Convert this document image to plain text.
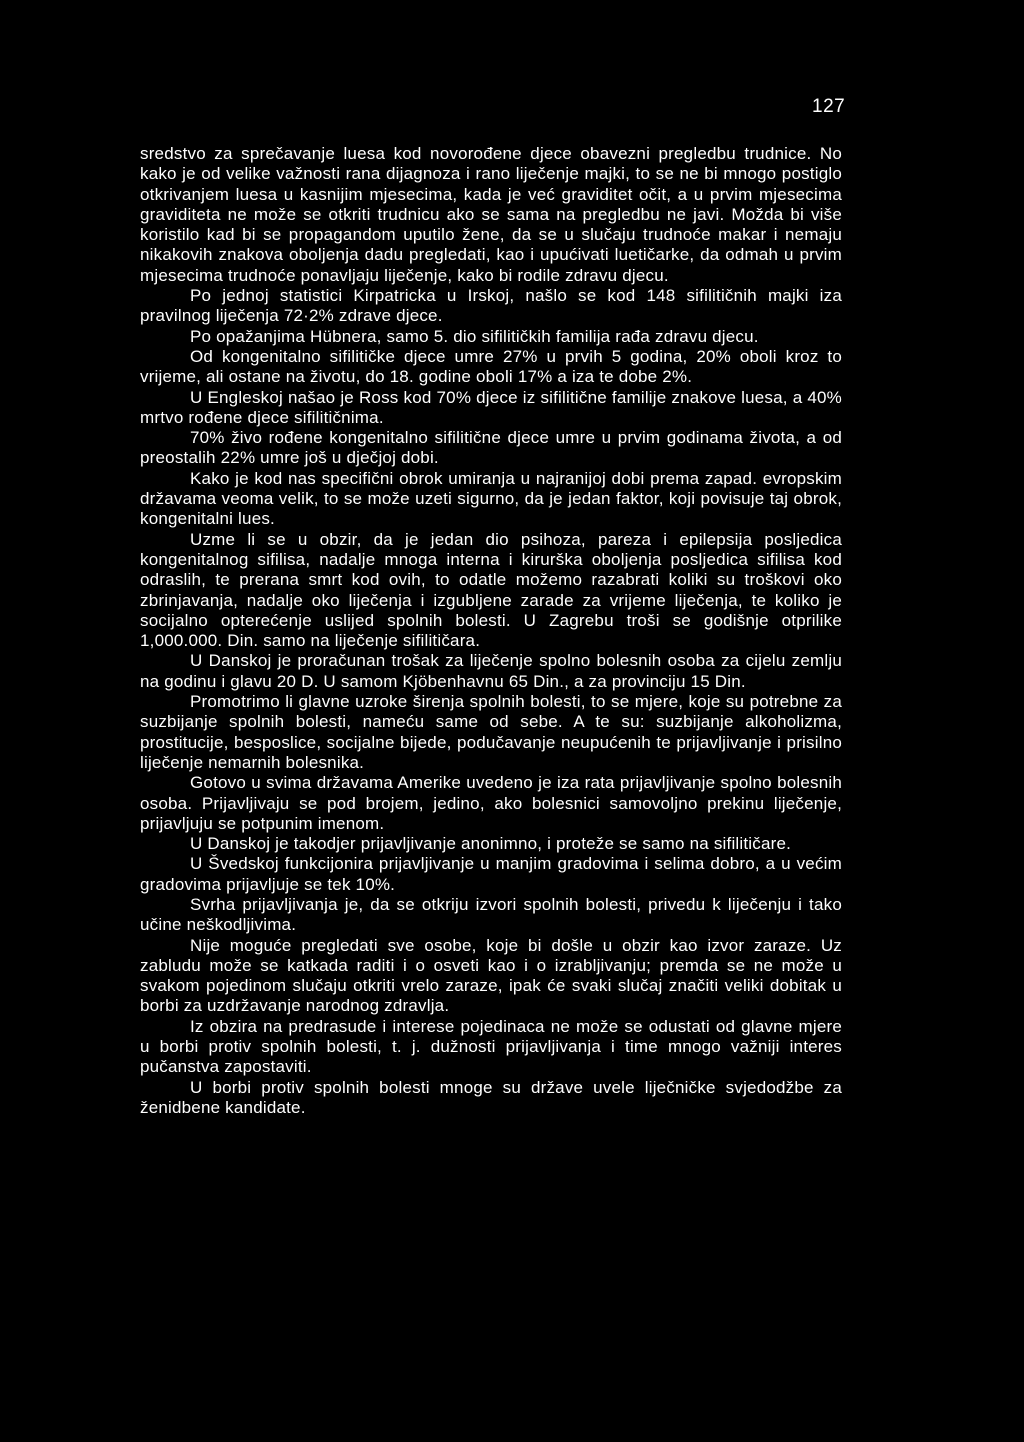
127

sredstvo za sprečavanje luesa kod novorođene djece obavezni pregledbu trudnice. No kako je od velike važnosti rana dijagnoza i rano liječenje majki, to se ne bi mnogo postiglo otkrivanjem luesa u kasnijim mjesecima, kada je već graviditet očit, a u prvim mjesecima graviditeta ne može se otkriti trudnicu ako se sama na pregledbu ne javi. Možda bi više koristilo kad bi se propagandom uputilo žene, da se u slučaju trudnoće makar i nemaju nikakovih znakova oboljenja dadu pregledati, kao i upućivati luetičarke, da odmah u prvim mjesecima trudnoće ponavljaju liječenje, kako bi rodile zdravu djecu.

Po jednoj statistici Kirpatricka u Irskoj, našlo se kod 148 sifilitičnih majki iza pravilnog liječenja 72·2% zdrave djece.

Po opažanjima Hübnera, samo 5. dio sifilitičkih familija rađa zdravu djecu.

Od kongenitalno sifilitičke djece umre 27% u prvih 5 godina, 20% oboli kroz to vrijeme, ali ostane na životu, do 18. godine oboli 17% a iza te dobe 2%.

U Engleskoj našao je Ross kod 70% djece iz sifilitične familije znakove luesa, a 40% mrtvo rođene djece sifilitičnima.

70% živo rođene kongenitalno sifilitične djece umre u prvim godinama života, a od preostalih 22% umre još u dječjoj dobi.

Kako je kod nas specifični obrok umiranja u najranijoj dobi prema zapad. evropskim državama veoma velik, to se može uzeti sigurno, da je jedan faktor, koji povisuje taj obrok, kongenitalni lues.

Uzme li se u obzir, da je jedan dio psihoza, pareza i epilepsija posljedica kongenitalnog sifilisa, nadalje mnoga interna i kirurška oboljenja posljedica sifilisa kod odraslih, te prerana smrt kod ovih, to odatle možemo razabrati koliki su troškovi oko zbrinjavanja, nadalje oko liječenja i izgubljene zarade za vrijeme liječenja, te koliko je socijalno opterećenje uslijed spolnih bolesti. U Zagrebu troši se godišnje otprilike 1,000.000. Din. samo na liječenje sifilitičara.

U Danskoj je proračunan trošak za liječenje spolno bolesnih osoba za cijelu zemlju na godinu i glavu 20 D. U samom Kjöbenhavnu 65 Din., a za provinciju 15 Din.

Promotrimo li glavne uzroke širenja spolnih bolesti, to se mjere, koje su potrebne za suzbijanje spolnih bolesti, nameću same od sebe. A te su: suzbijanje alkoholizma, prostitucije, besposlice, socijalne bijede, podučavanje neupućenih te prijavljivanje i prisilno liječenje nemarnih bolesnika.

Gotovo u svima državama Amerike uvedeno je iza rata prijavljivanje spolno bolesnih osoba. Prijavljivaju se pod brojem, jedino, ako bolesnici samovoljno prekinu liječenje, prijavljuju se potpunim imenom.

U Danskoj je takodjer prijavljivanje anonimno, i proteže se samo na sifilitičare.

U Švedskoj funkcijonira prijavljivanje u manjim gradovima i selima dobro, a u većim gradovima prijavljuje se tek 10%.

Svrha prijavljivanja je, da se otkriju izvori spolnih bolesti, privedu k liječenju i tako učine neškodljivima.

Nije moguće pregledati sve osobe, koje bi došle u obzir kao izvor zaraze. Uz zabludu može se katkada raditi i o osveti kao i o izrabljivanju; premda se ne može u svakom pojedinom slučaju otkriti vrelo zaraze, ipak će svaki slučaj značiti veliki dobitak u borbi za uzdržavanje narodnog zdravlja.

Iz obzira na predrasude i interese pojedinaca ne može se odustati od glavne mjere u borbi protiv spolnih bolesti, t. j. dužnosti prijavljivanja i time mnogo važniji interes pučanstva zapostaviti.

U borbi protiv spolnih bolesti mnoge su države uvele liječničke svjedodžbe za ženidbene kandidate.
